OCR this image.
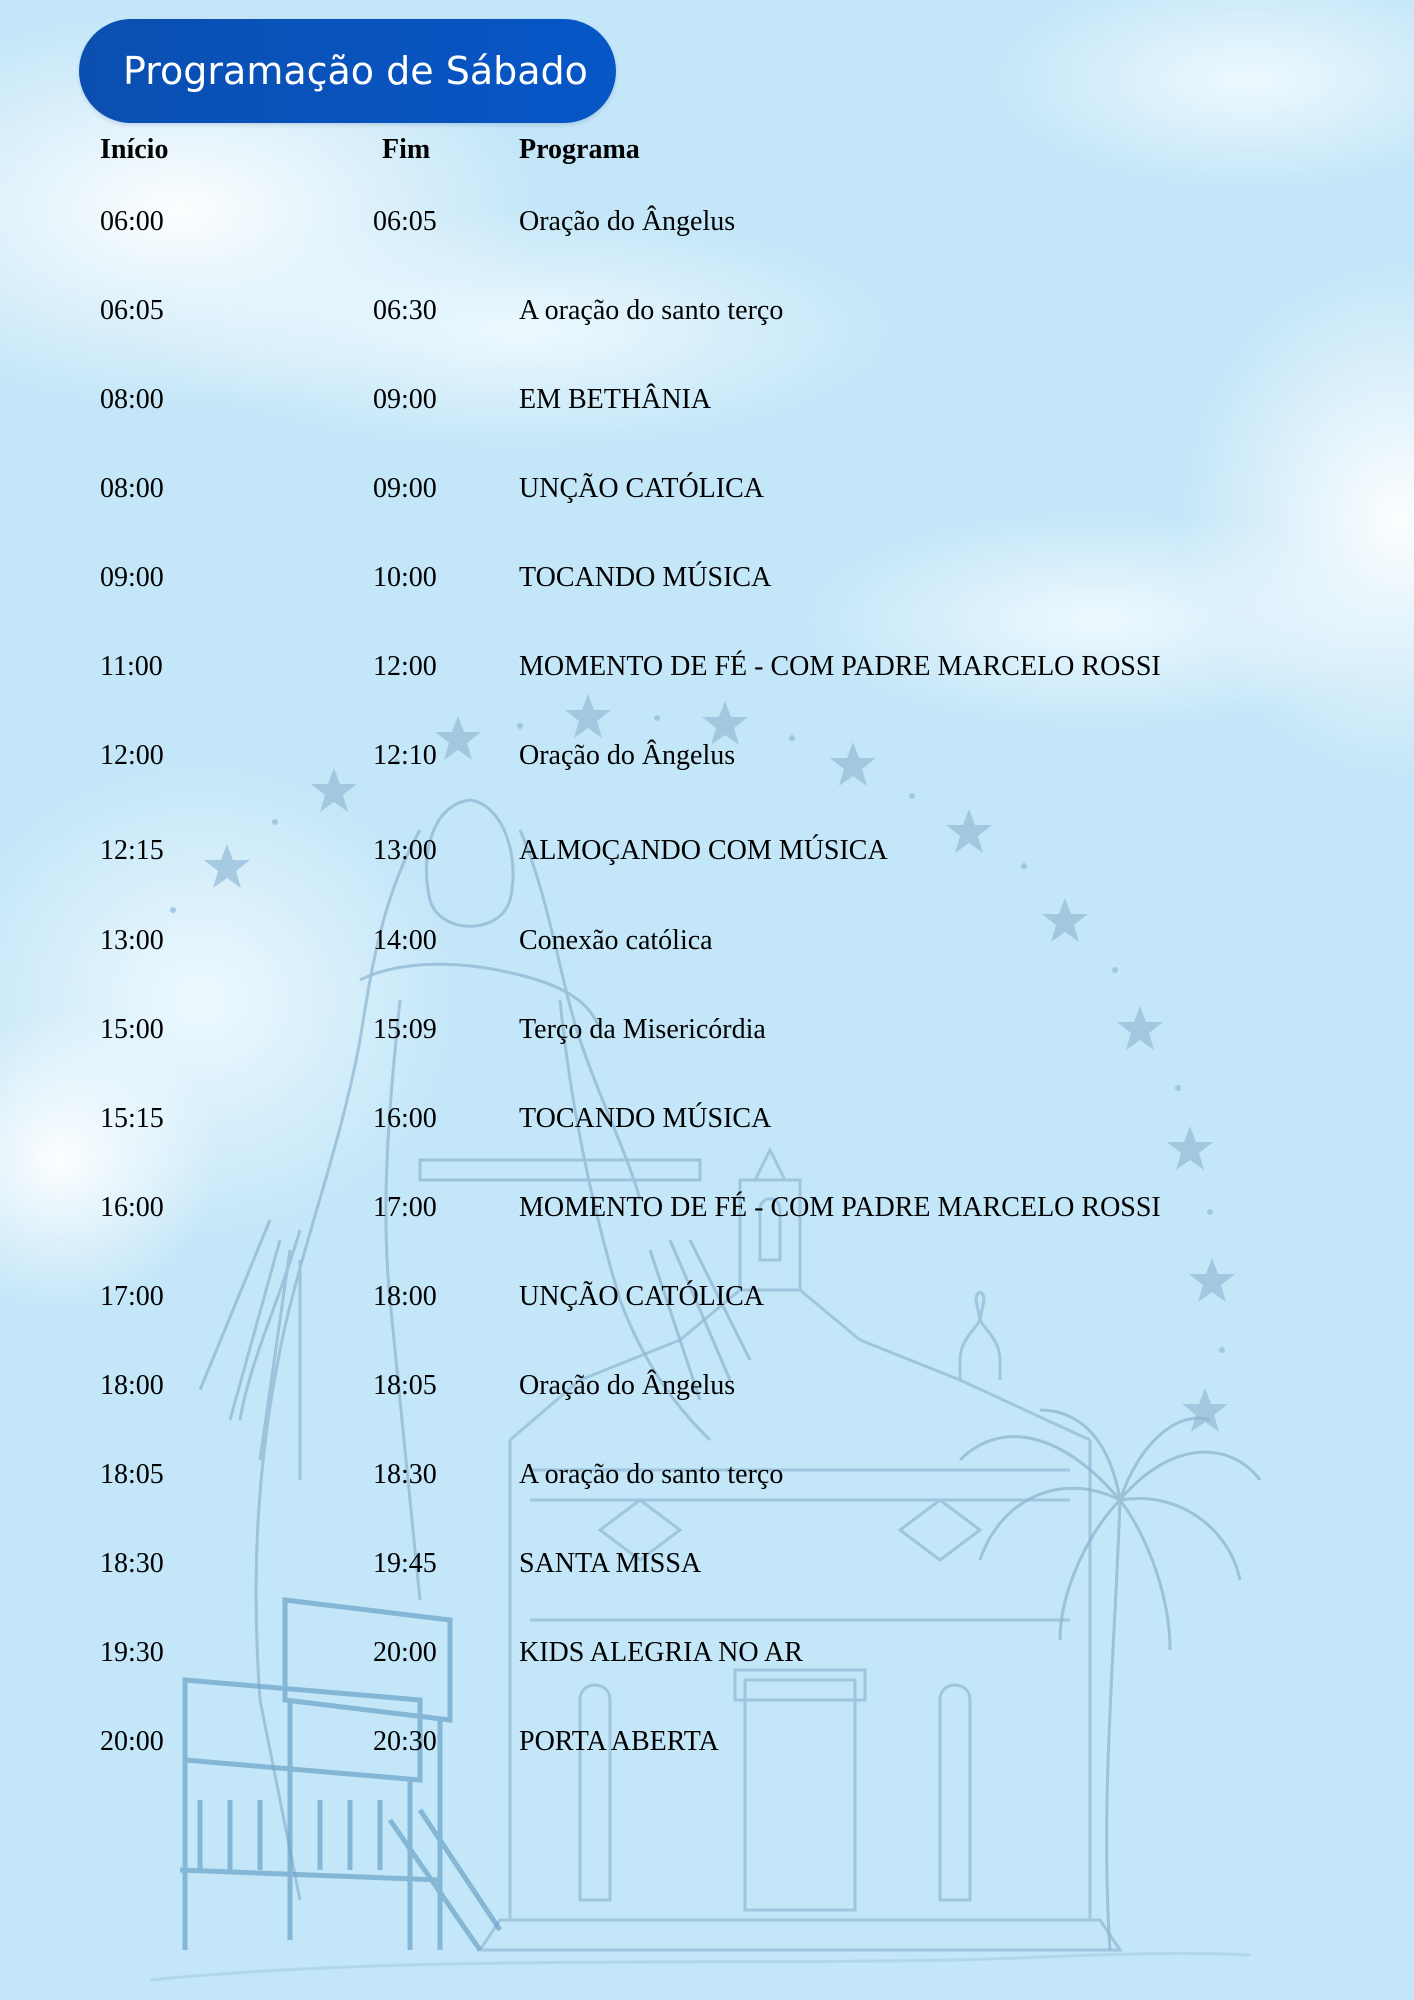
Programação de Sábado
Início	Fim	Programa
06:00	06:05	Oração do Ângelus
06:05	06:30	A oração do santo terço
08:00	09:00	EM BETHÂNIA
08:00	09:00	UNÇÃO CATÓLICA
09:00	10:00	TOCANDO MÚSICA
11:00	12:00	MOMENTO DE FÉ - COM PADRE MARCELO ROSSI
12:00	12:10	Oração do Ângelus
12:15	13:00	ALMOÇANDO COM MÚSICA
13:00	14:00	Conexão católica
15:00	15:09	Terço da Misericórdia
15:15	16:00	TOCANDO MÚSICA
16:00	17:00	MOMENTO DE FÉ - COM PADRE MARCELO ROSSI
17:00	18:00	UNÇÃO CATÓLICA
18:00	18:05	Oração do Ângelus
18:05	18:30	A oração do santo terço
18:30	19:45	SANTA MISSA
19:30	20:00	KIDS ALEGRIA NO AR
20:00	20:30	PORTA ABERTA
